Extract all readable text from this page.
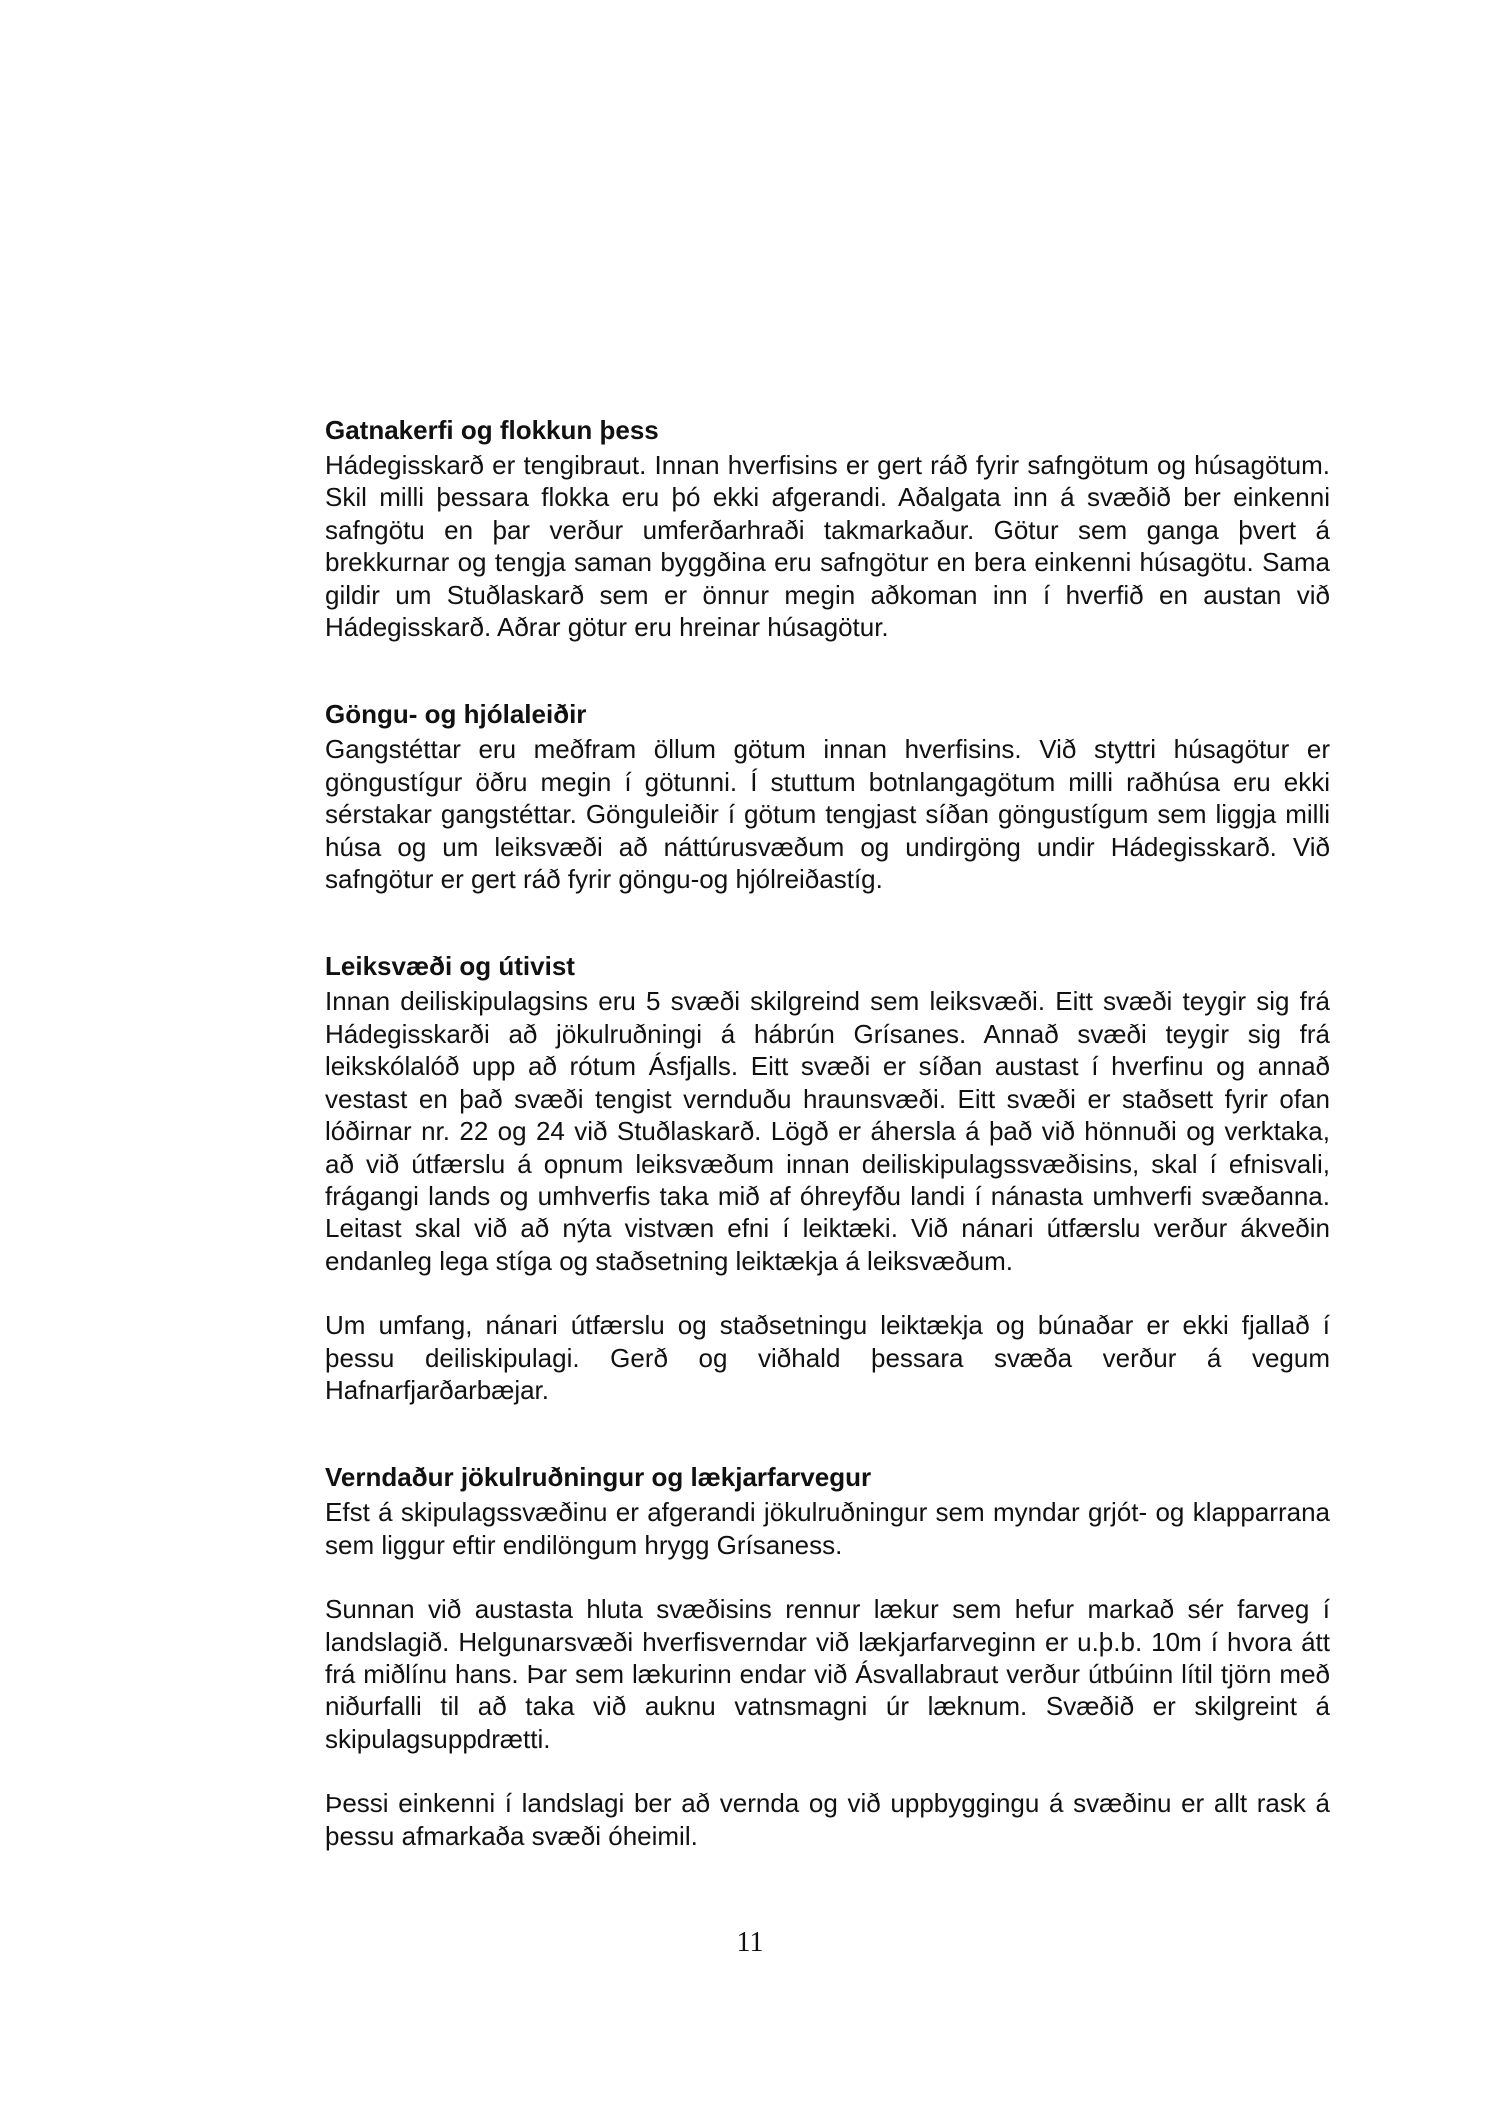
Gatnakerfi og flokkun þess

Hádegisskarð er tengibraut. Innan hverfisins er gert ráð fyrir safngötum og húsagötum. Skil milli þessara flokka eru þó ekki afgerandi. Aðalgata inn á svæðið ber einkenni safngötu en þar verður umferðarhraði takmarkaður. Götur sem ganga þvert á brekkurnar og tengja saman byggðina eru safngötur en bera einkenni húsagötu. Sama gildir um Stuðlaskarð sem er önnur megin aðkoman inn í hverfið en austan við Hádegisskarð. Aðrar götur eru hreinar húsagötur.

Göngu- og hjólaleiðir

Gangstéttar eru meðfram öllum götum innan hverfisins. Við styttri húsagötur er göngustígur öðru megin í götunni. Í stuttum botnlangagötum milli raðhúsa eru ekki sérstakar gangstéttar. Gönguleiðir í götum tengjast síðan göngustígum sem liggja milli húsa og um leiksvæði að náttúrusvæðum og undirgöng undir Hádegisskarð. Við safngötur er gert ráð fyrir göngu-og hjólreiðastíg.

Leiksvæði og útivist

Innan deiliskipulagsins eru 5 svæði skilgreind sem leiksvæði. Eitt svæði teygir sig frá Hádegisskarði að jökulruðningi á hábrún Grísanes. Annað svæði teygir sig frá leikskólalóð upp að rótum Ásfjalls. Eitt svæði er síðan austast í hverfinu og annað vestast en það svæði tengist vernduðu hraunsvæði. Eitt svæði er staðsett fyrir ofan lóðirnar nr. 22 og 24 við Stuðlaskarð. Lögð er áhersla á það við hönnuði og verktaka, að við útfærslu á opnum leiksvæðum innan deiliskipulagssvæðisins, skal í efnisvali, frágangi lands og umhverfis taka mið af óhreyfðu landi í nánasta umhverfi svæðanna. Leitast skal við að nýta vistvæn efni í leiktæki. Við nánari útfærslu verður ákveðin endanleg lega stíga og staðsetning leiktækja á leiksvæðum.

Um umfang, nánari útfærslu og staðsetningu leiktækja og búnaðar er ekki fjallað í þessu deiliskipulagi. Gerð og viðhald þessara svæða verður á vegum Hafnarfjarðarbæjar.

Verndaður jökulruðningur og lækjarfarvegur

Efst á skipulagssvæðinu er afgerandi jökulruðningur sem myndar grjót- og klapparrana sem liggur eftir endilöngum hrygg Grísaness.

Sunnan við austasta hluta svæðisins rennur lækur sem hefur markað sér farveg í landslagið. Helgunarsvæði hverfisverndar við lækjarfarveginn er u.þ.b. 10m í hvora átt frá miðlínu hans. Þar sem lækurinn endar við Ásvallabraut verður útbúinn lítil tjörn með niðurfalli til að taka við auknu vatnsmagni úr læknum. Svæðið er skilgreint á skipulagsuppdrætti.

Þessi einkenni í landslagi ber að vernda og við uppbyggingu á svæðinu er allt rask á þessu afmarkaða svæði óheimil.

11
